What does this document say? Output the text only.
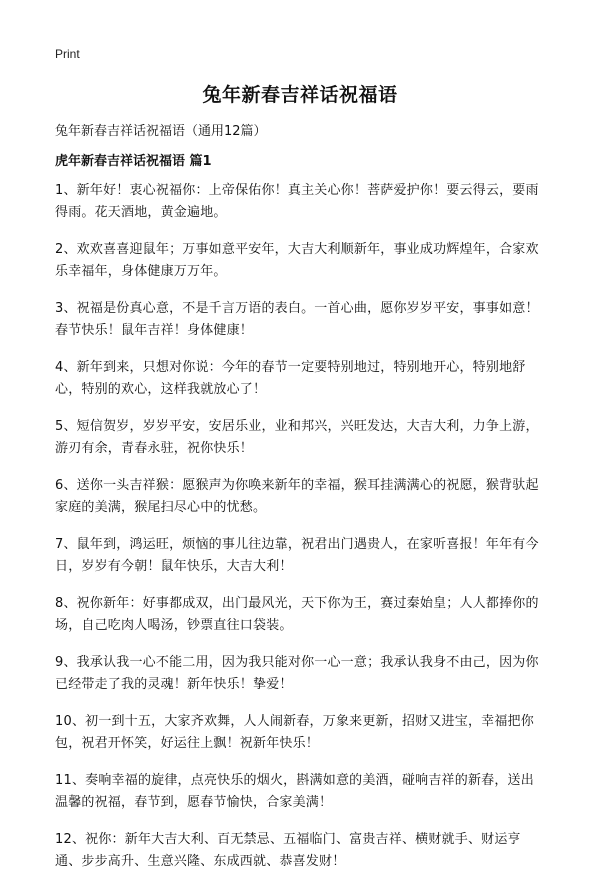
Print
兔年新春吉祥话祝福语
兔年新春吉祥话祝福语（通用12篇）
虎年新春吉祥话祝福语 篇1

1、新年好！衷心祝福你：上帝保佑你！真主关心你！菩萨爱护你！要云得云，要雨得雨。花天酒地，黄金遍地。

2、欢欢喜喜迎鼠年；万事如意平安年，大吉大利顺新年，事业成功辉煌年，合家欢乐幸福年，身体健康万万年。

3、祝福是份真心意，不是千言万语的表白。一首心曲，愿你岁岁平安，事事如意！春节快乐！鼠年吉祥！身体健康！

4、新年到来，只想对你说：今年的春节一定要特别地过，特别地开心，特别地舒心，特别的欢心，这样我就放心了！

5、短信贺岁，岁岁平安，安居乐业，业和邦兴，兴旺发达，大吉大利，力争上游，游刃有余，青春永驻，祝你快乐！

6、送你一头吉祥猴：愿猴声为你唤来新年的幸福，猴耳挂满满心的祝愿，猴背驮起家庭的美满，猴尾扫尽心中的忧愁。

7、鼠年到，鸿运旺，烦恼的事儿往边靠，祝君出门遇贵人，在家听喜报！年年有今日，岁岁有今朝！鼠年快乐，大吉大利！

8、祝你新年：好事都成双，出门最风光，天下你为王，赛过秦始皇；人人都捧你的场，自己吃肉人喝汤，钞票直往口袋装。

9、我承认我一心不能二用，因为我只能对你一心一意；我承认我身不由己，因为你已经带走了我的灵魂！新年快乐！挚爱！

10、初一到十五，大家齐欢舞，人人闹新春，万象来更新，招财又进宝，幸福把你包，祝君开怀笑，好运往上飘！祝新年快乐！

11、奏响幸福的旋律，点亮快乐的烟火，斟满如意的美酒，碰响吉祥的新春，送出温馨的祝福，春节到，愿春节愉快，合家美满！

12、祝你：新年大吉大利、百无禁忌、五福临门、富贵吉祥、横财就手、财运亨通、步步高升、生意兴隆、东成西就、恭喜发财！
